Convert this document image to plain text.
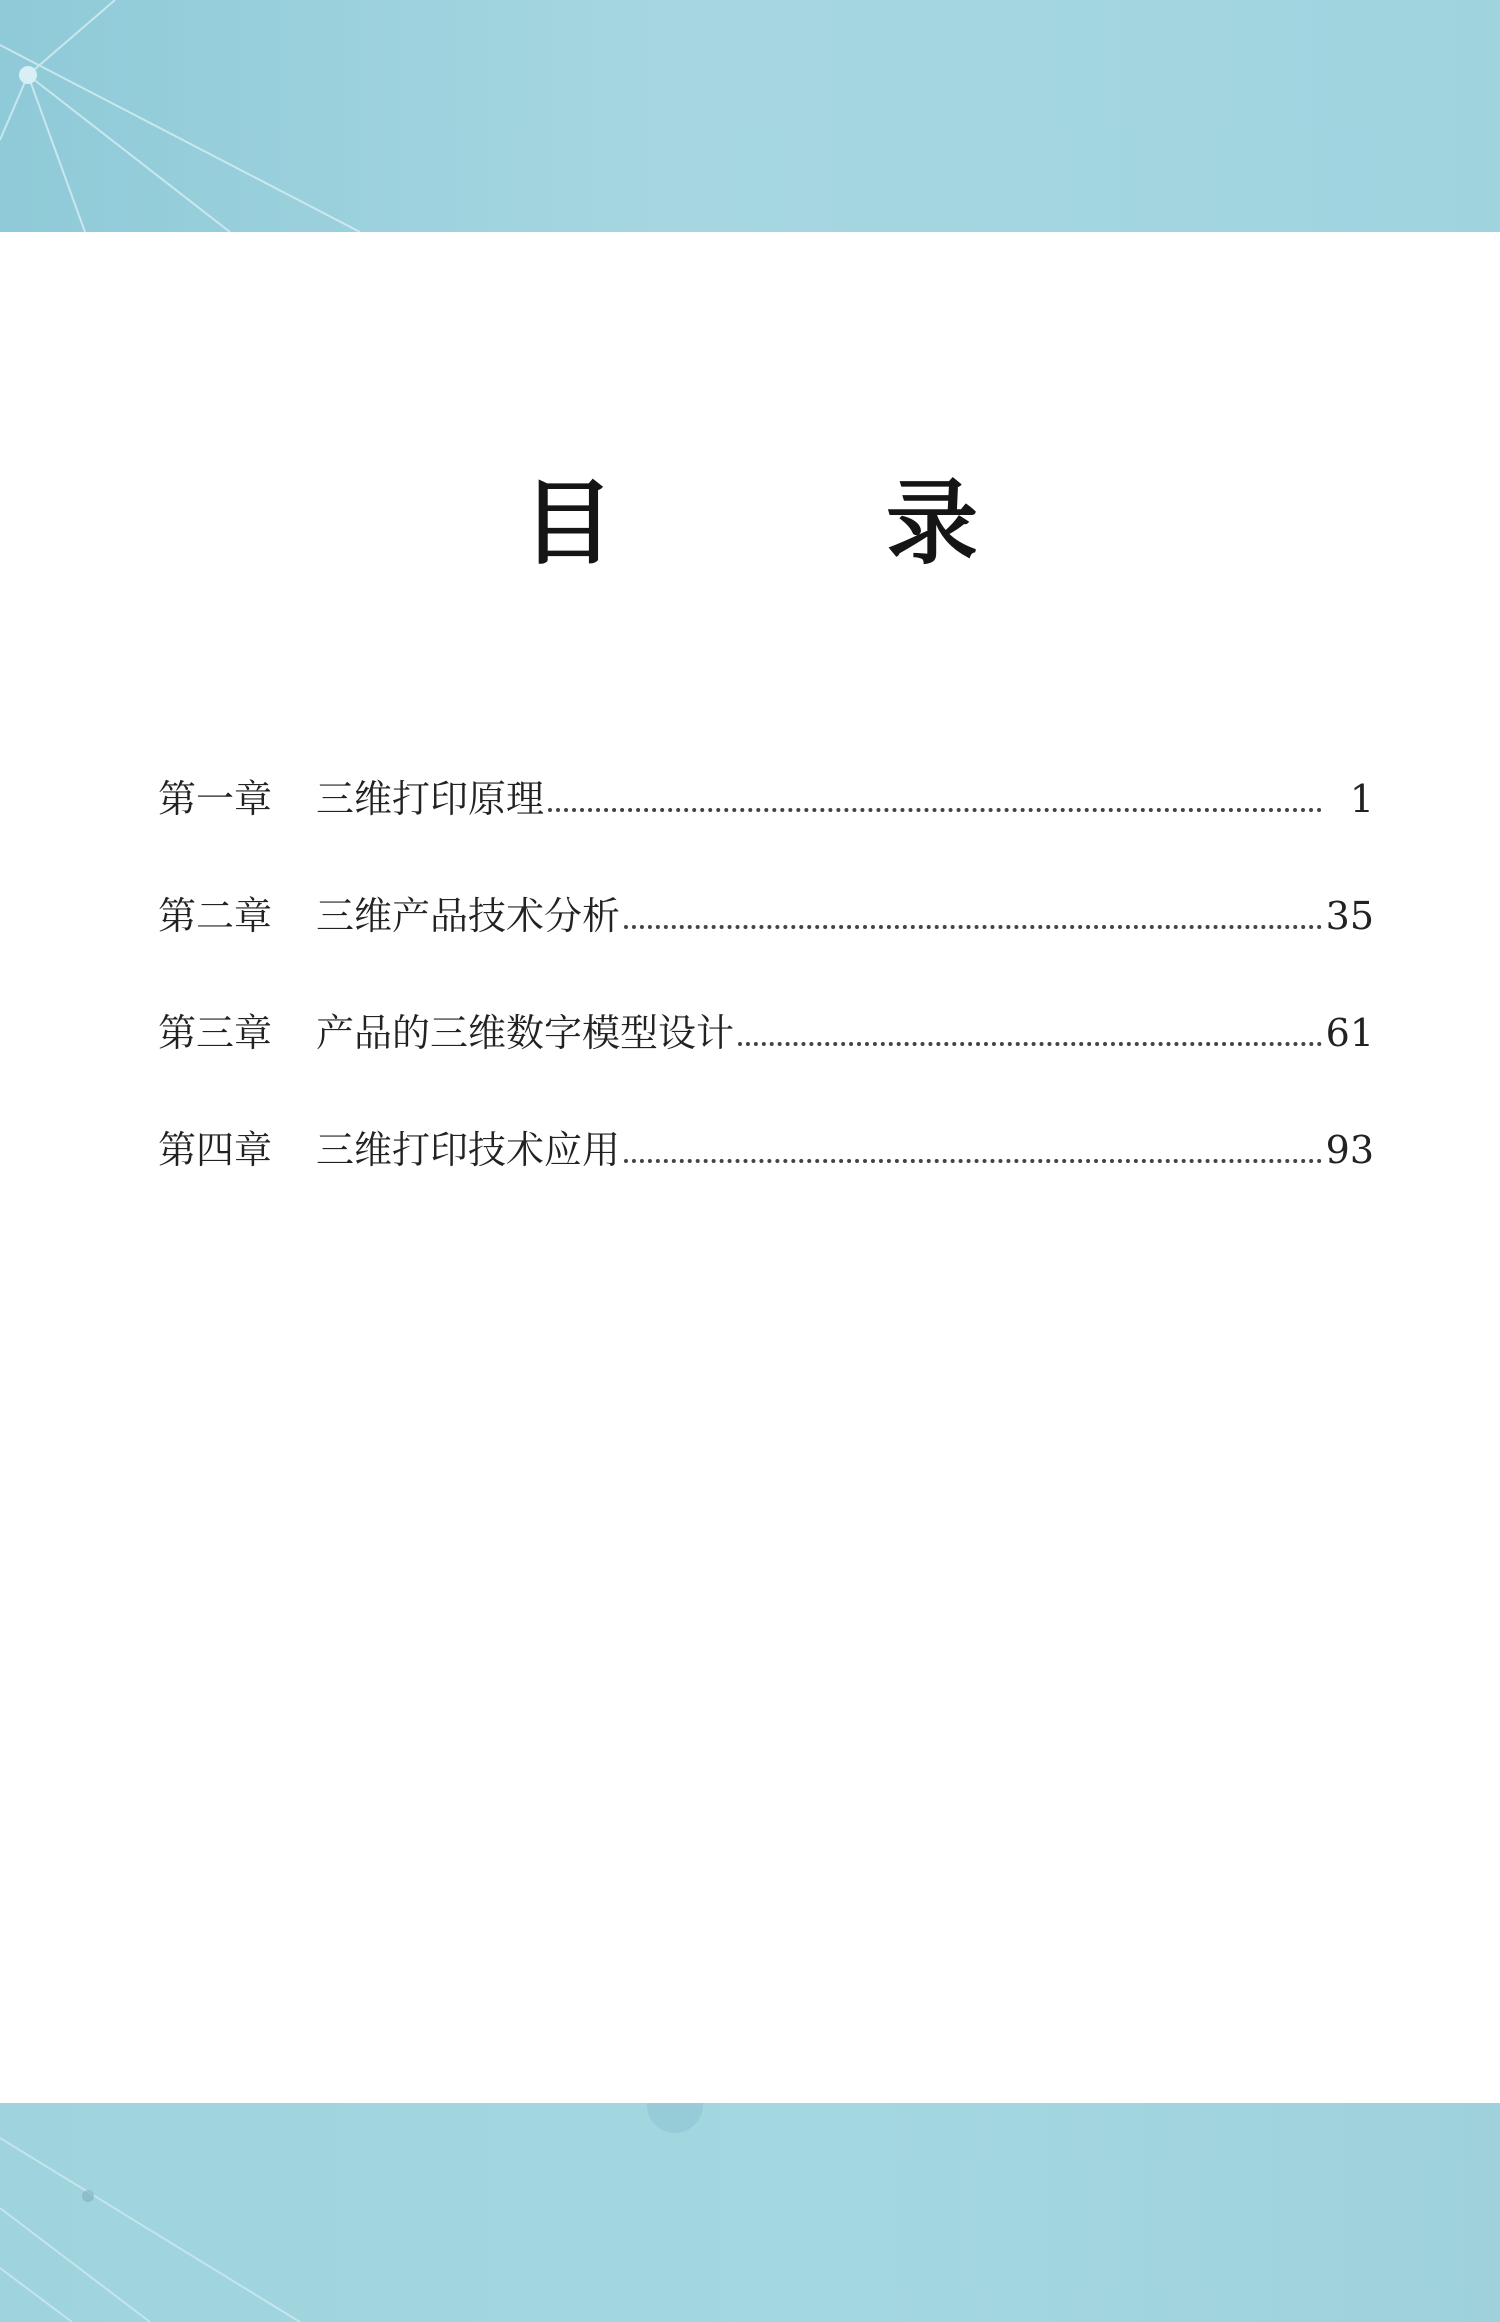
目 录
第一章	三维打印原理	1
第二章	三维产品技术分析	35
第三章	产品的三维数字模型设计	61
第四章	三维打印技术应用	93
